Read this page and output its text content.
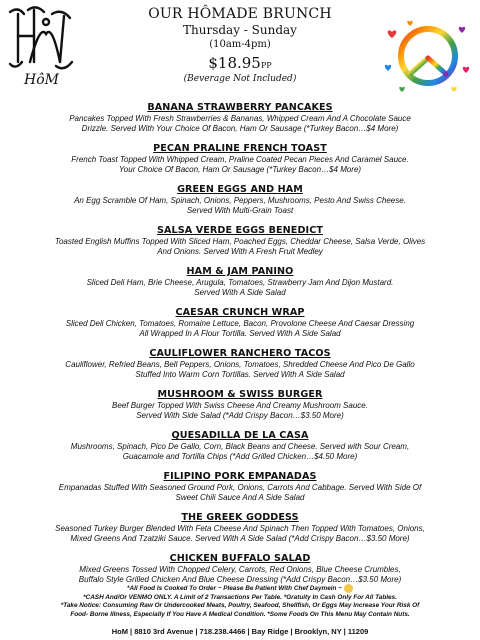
HôM
OUR HÔMADE BRUNCH
Thursday - Sunday
(10am-4pm)
$18.95PP
(Beverage Not Included)
BANANA STRAWBERRY PANCAKES
Pancakes Topped With Fresh Strawberries & Bananas, Whipped Cream And A Chocolate Sauce
Drizzle. Served With Your Choice Of Bacon, Ham Or Sausage (*Turkey Bacon…$4 More)
PECAN PRALINE FRENCH TOAST
French Toast Topped With Whipped Cream, Praline Coated Pecan Pieces And Caramel Sauce.
Your Choice Of Bacon, Ham Or Sausage (*Turkey Bacon…$4 More)
GREEN EGGS AND HAM
An Egg Scramble Of Ham, Spinach, Onions, Peppers, Mushrooms, Pesto And Swiss Cheese.
Served With Multi-Grain Toast
SALSA VERDE EGGS BENEDICT
Toasted English Muffins Topped With Sliced Ham, Poached Eggs, Cheddar Cheese, Salsa Verde, Olives
And Onions. Served With A Fresh Fruit Medley
HAM & JAM PANINO
Sliced Deli Ham, Brie Cheese, Arugula, Tomatoes, Strawberry Jam And Dijon Mustard.
Served With A Side Salad
CAESAR CRUNCH WRAP
Sliced Deli Chicken, Tomatoes, Romaine Lettuce, Bacon, Provolone Cheese And Caesar Dressing
All Wrapped In A Flour Tortilla. Served With A Side Salad
CAULIFLOWER RANCHERO TACOS
Cauliflower, Refried Beans, Bell Peppers, Onions, Tomatoes, Shredded Cheese And Pico De Gallo
Stuffed Into Warm Corn Tortillas. Served With A Side Salad
MUSHROOM & SWISS BURGER
Beef Burger Topped With Swiss Cheese And Creamy Mushroom Sauce.
Served With Side Salad (*Add Crispy Bacon…$3.50 More)
QUESADILLA DE LA CASA
Mushrooms, Spinach, Pico De Gallo, Corn, Black Beans and Cheese. Served with Sour Cream,
Guacamole and Tortilla Chips (*Add Grilled Chicken…$4.50 More)
FILIPINO PORK EMPANADAS
Empanadas Stuffed With Seasoned Ground Pork, Onions, Carrots And Cabbage. Served With Side Of
Sweet Chili Sauce And A Side Salad
THE GREEK GODDESS
Seasoned Turkey Burger Blended With Feta Cheese And Spinach Then Topped With Tomatoes, Onions,
Mixed Greens And Tzatziki Sauce. Served With A Side Salad (*Add Crispy Bacon…$3.50 More)
CHICKEN BUFFALO SALAD
Mixed Greens Tossed With Chopped Celery, Carrots, Red Onions, Blue Cheese Crumbles,
Buffalo Style Grilled Chicken And Blue Cheese Dressing (*Add Crispy Bacon…$3.50 More)
*All Food Is Cooked To Order ~ Please Be Patient With Chef Daymein ~
*CASH And/Or VENMO ONLY. A Limit of 2 Transactions Per Table. *Gratuity In Cash Only For All Tables.
*Take Notice: Consuming Raw Or Undercooked Meats, Poultry, Seafood, Shellfish, Or Eggs May Increase Your Risk Of
Food- Borne Illness, Especially If You Have A Medical Condition. *Some Foods On This Menu May Contain Nuts.
HoM | 8810 3rd Avenue | 718.238.4466 | Bay Ridge | Brooklyn, NY | 11209
